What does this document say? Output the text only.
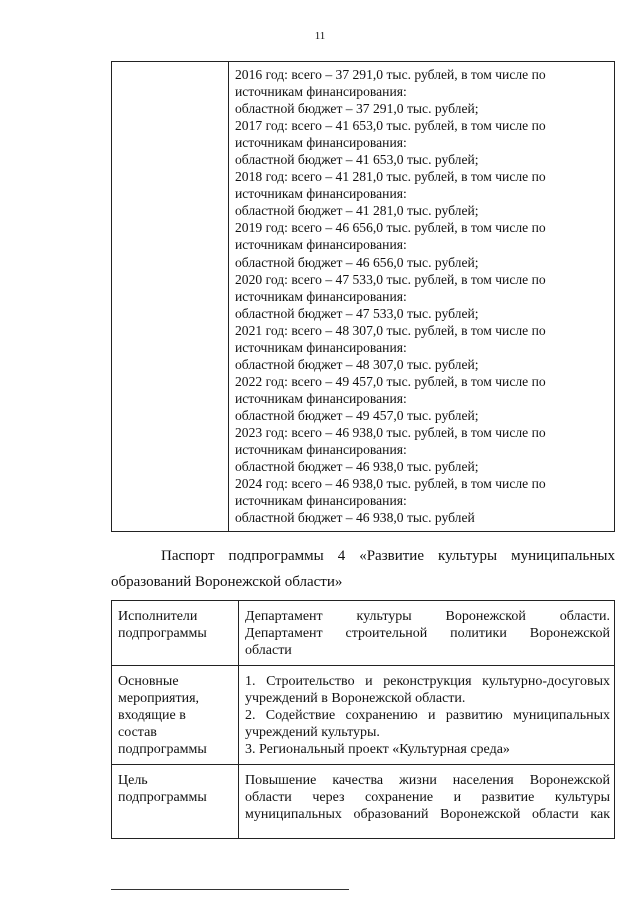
11

2016 год: всего – 37 291,0 тыс. рублей, в том числе по
источникам финансирования:
областной бюджет – 37 291,0 тыс. рублей;
2017 год: всего – 41 653,0 тыс. рублей, в том числе по
источникам финансирования:
областной бюджет – 41 653,0 тыс. рублей;
2018 год: всего – 41 281,0 тыс. рублей, в том числе по
источникам финансирования:
областной бюджет – 41 281,0 тыс. рублей;
2019 год: всего – 46 656,0 тыс. рублей, в том числе по
источникам финансирования:
областной бюджет – 46 656,0 тыс. рублей;
2020 год: всего – 47 533,0 тыс. рублей, в том числе по
источникам финансирования:
областной бюджет – 47 533,0 тыс. рублей;
2021 год: всего – 48 307,0 тыс. рублей, в том числе по
источникам финансирования:
областной бюджет – 48 307,0 тыс. рублей;
2022 год: всего – 49 457,0 тыс. рублей, в том числе по
источникам финансирования:
областной бюджет – 49 457,0 тыс. рублей;
2023 год: всего – 46 938,0 тыс. рублей, в том числе по
источникам финансирования:
областной бюджет – 46 938,0 тыс. рублей;
2024 год: всего – 46 938,0 тыс. рублей, в том числе по
источникам финансирования:
областной бюджет – 46 938,0 тыс. рублей
Паспорт подпрограммы 4 «Развитие культуры муниципальных
образований Воронежской области»
Исполнители
подпрограммы	Департамент культуры Воронежской области.
Департамент строительной политики Воронежской
области

Основные
мероприятия,
входящие в
состав
подпрограммы	1. Строительство и реконструкция культурно-досуговых
учреждений в Воронежской области.
2. Содействие сохранению и развитию муниципальных
учреждений культуры.
3. Региональный проект «Культурная среда»

Цель
подпрограммы	Повышение качества жизни населения Воронежской
области через сохранение и развитие культуры
муниципальных образований Воронежской области как
